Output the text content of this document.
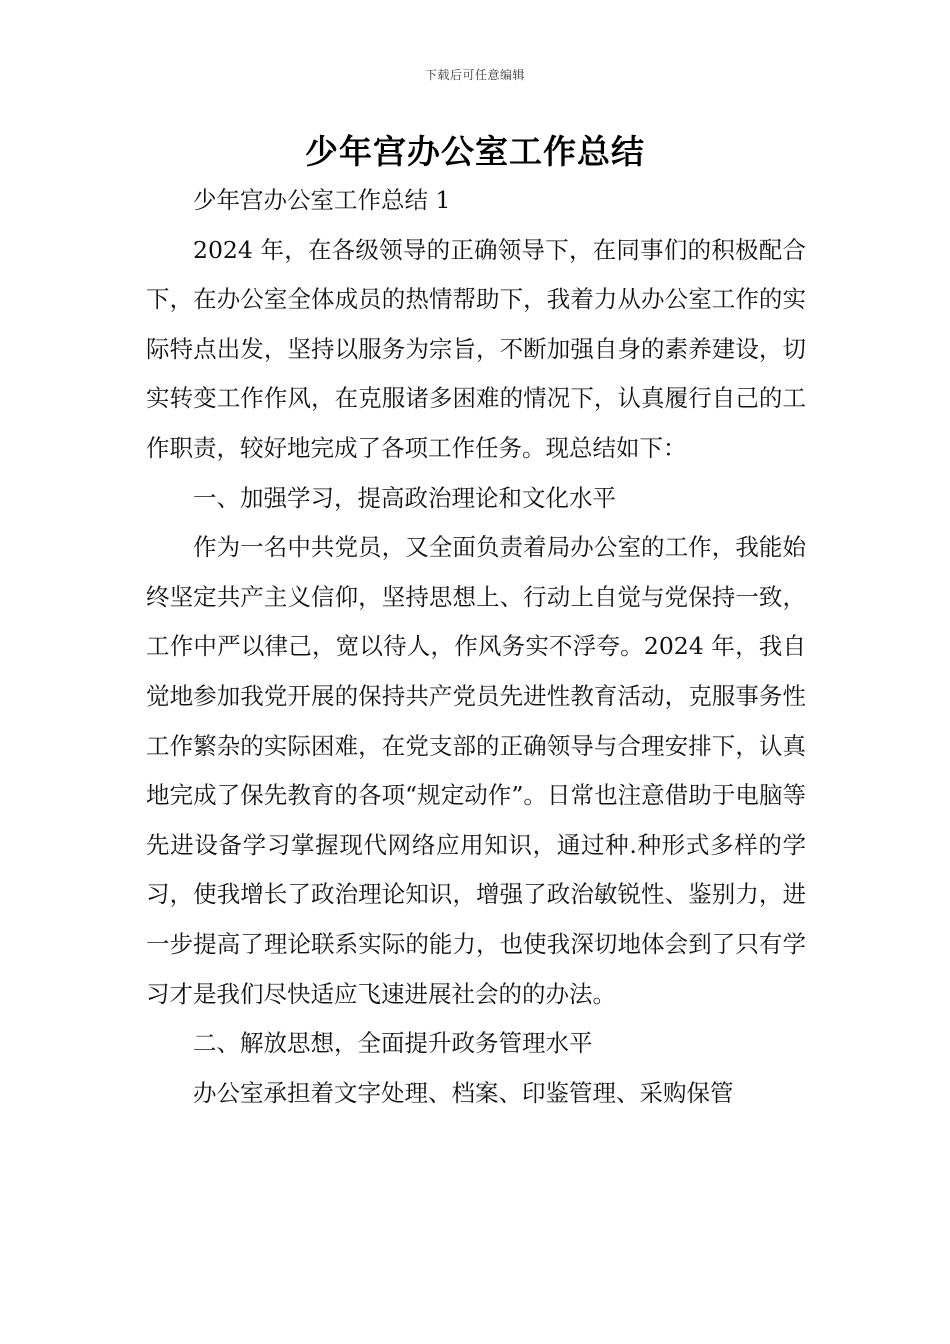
下载后可任意编辑
少年宫办公室工作总结

少年宫办公室工作总结 1

2024 年，在各级领导的正确领导下，在同事们的积极配合下，在办公室全体成员的热情帮助下，我着力从办公室工作的实际特点出发，坚持以服务为宗旨，不断加强自身的素养建设，切实转变工作作风，在克服诸多困难的情况下，认真履行自己的工作职责，较好地完成了各项工作任务。现总结如下：

一、加强学习，提高政治理论和文化水平

作为一名中共党员，又全面负责着局办公室的工作，我能始终坚定共产主义信仰，坚持思想上、行动上自觉与党保持一致，工作中严以律己，宽以待人，作风务实不浮夸。2024 年，我自觉地参加我党开展的保持共产党员先进性教育活动，克服事务性工作繁杂的实际困难，在党支部的正确领导与合理安排下，认真地完成了保先教育的各项“规定动作”。日常也注意借助于电脑等先进设备学习掌握现代网络应用知识，通过种.种形式多样的学习，使我增长了政治理论知识，增强了政治敏锐性、鉴别力，进一步提高了理论联系实际的能力，也使我深切地体会到了只有学习才是我们尽快适应飞速进展社会的的办法。

二、解放思想，全面提升政务管理水平

办公室承担着文字处理、档案、印鉴管理、采购保管
